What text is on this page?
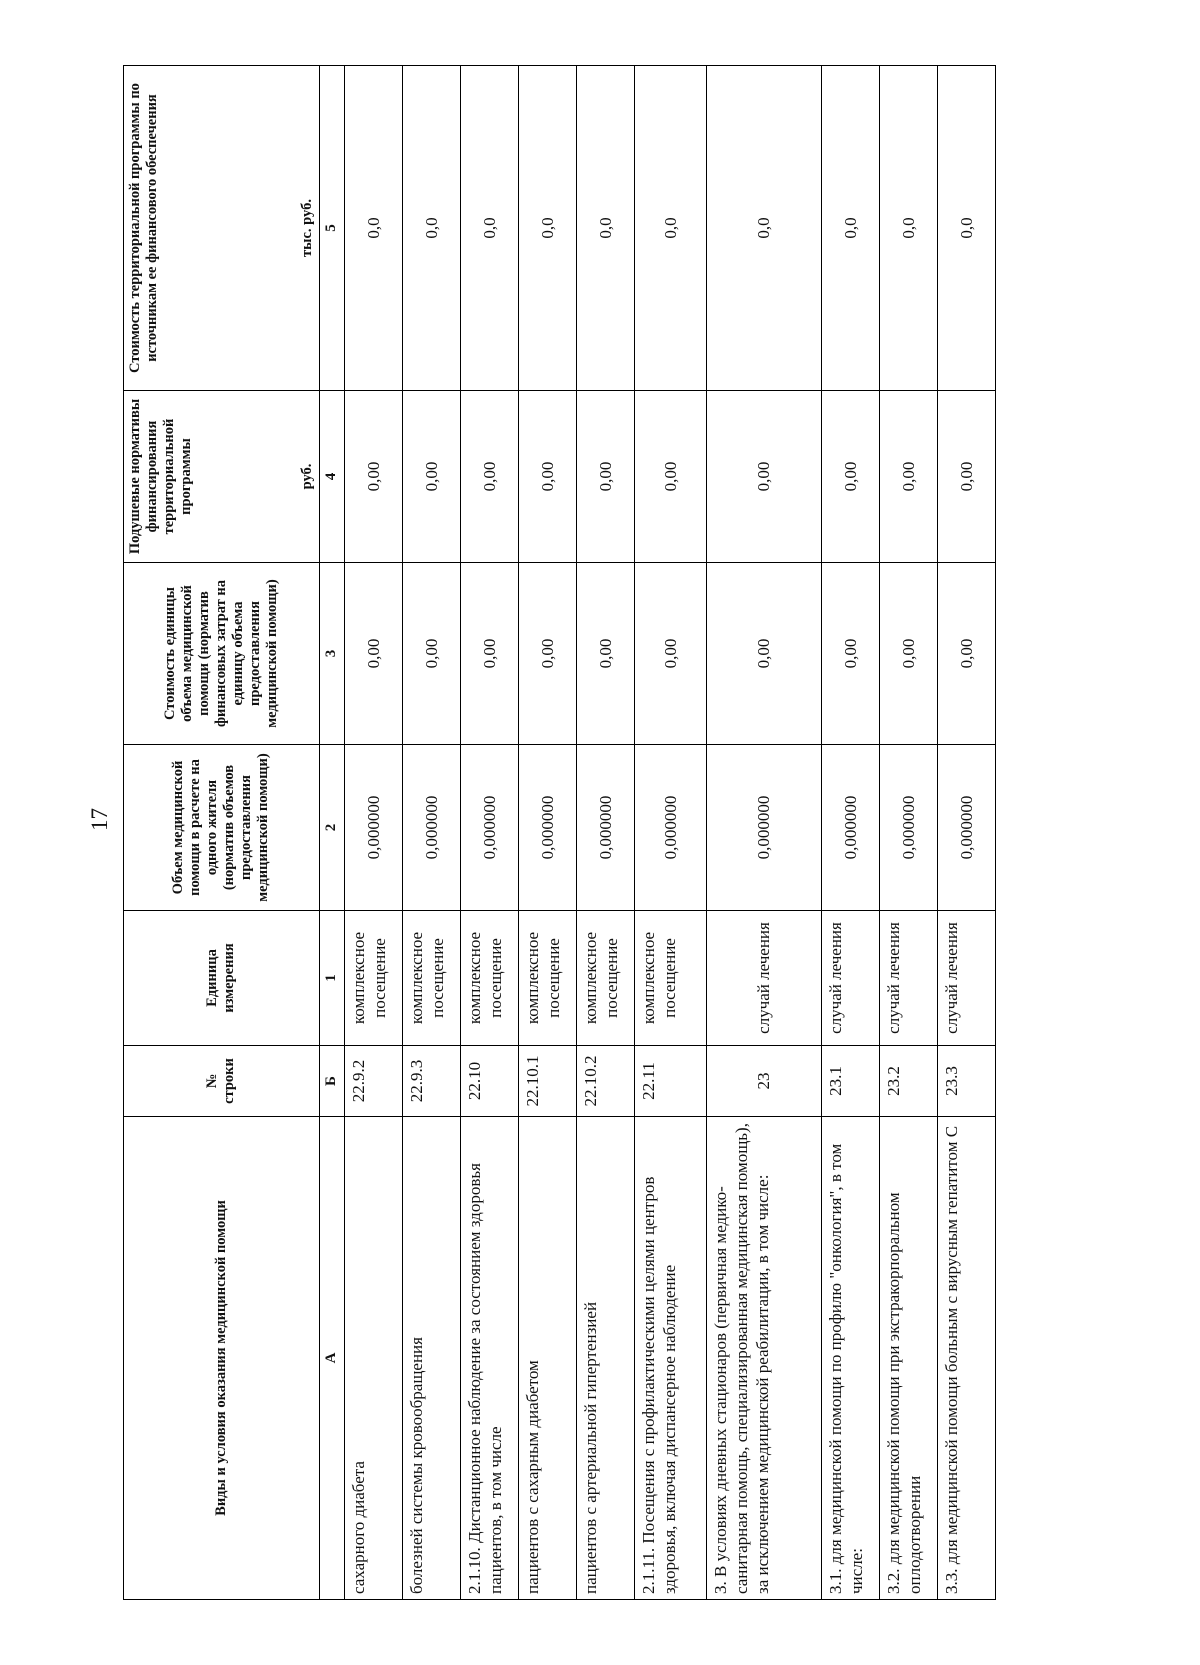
17
Виды и условия оказания медицинской помощи	№ строки	Единица измерения	Объем медицинской помощи в расчете на одного жителя (норматив объемов предоставления медицинской помощи)	Стоимость единицы объема медицинской помощи (норматив финансовых затрат на единицу объема предоставления медицинской помощи)	Подушевые нормативы финансирования территориальной программы	Стоимость территориальной программы по источникам ее финансового обеспечения
					руб.	тыс. руб.
А	Б	1	2	3	4	5
сахарного диабета	22.9.2	комплексное посещение	0,000000	0,00	0,00	0,0
болезней системы кровообращения	22.9.3	комплексное посещение	0,000000	0,00	0,00	0,0
2.1.10. Дистанционное наблюдение за состоянием здоровья пациентов, в том числе	22.10	комплексное посещение	0,000000	0,00	0,00	0,0
пациентов с сахарным диабетом	22.10.1	комплексное посещение	0,000000	0,00	0,00	0,0
пациентов с артериальной гипертензией	22.10.2	комплексное посещение	0,000000	0,00	0,00	0,0
2.1.11. Посещения с профилактическими целями центров здоровья, включая диспансерное наблюдение	22.11	комплексное посещение	0,000000	0,00	0,00	0,0
3. В условиях дневных стационаров (первичная медико-санитарная помощь, специализированная медицинская помощь), за исключением медицинской реабилитации, в том числе:	23	случай лечения	0,000000	0,00	0,00	0,0
3.1. для медицинской помощи по профилю "онкология", в том числе:	23.1	случай лечения	0,000000	0,00	0,00	0,0
3.2. для медицинской помощи при экстракорпоральном оплодотворении	23.2	случай лечения	0,000000	0,00	0,00	0,0
3.3. для медицинской помощи больным с вирусным гепатитом С	23.3	случай лечения	0,000000	0,00	0,00	0,0
